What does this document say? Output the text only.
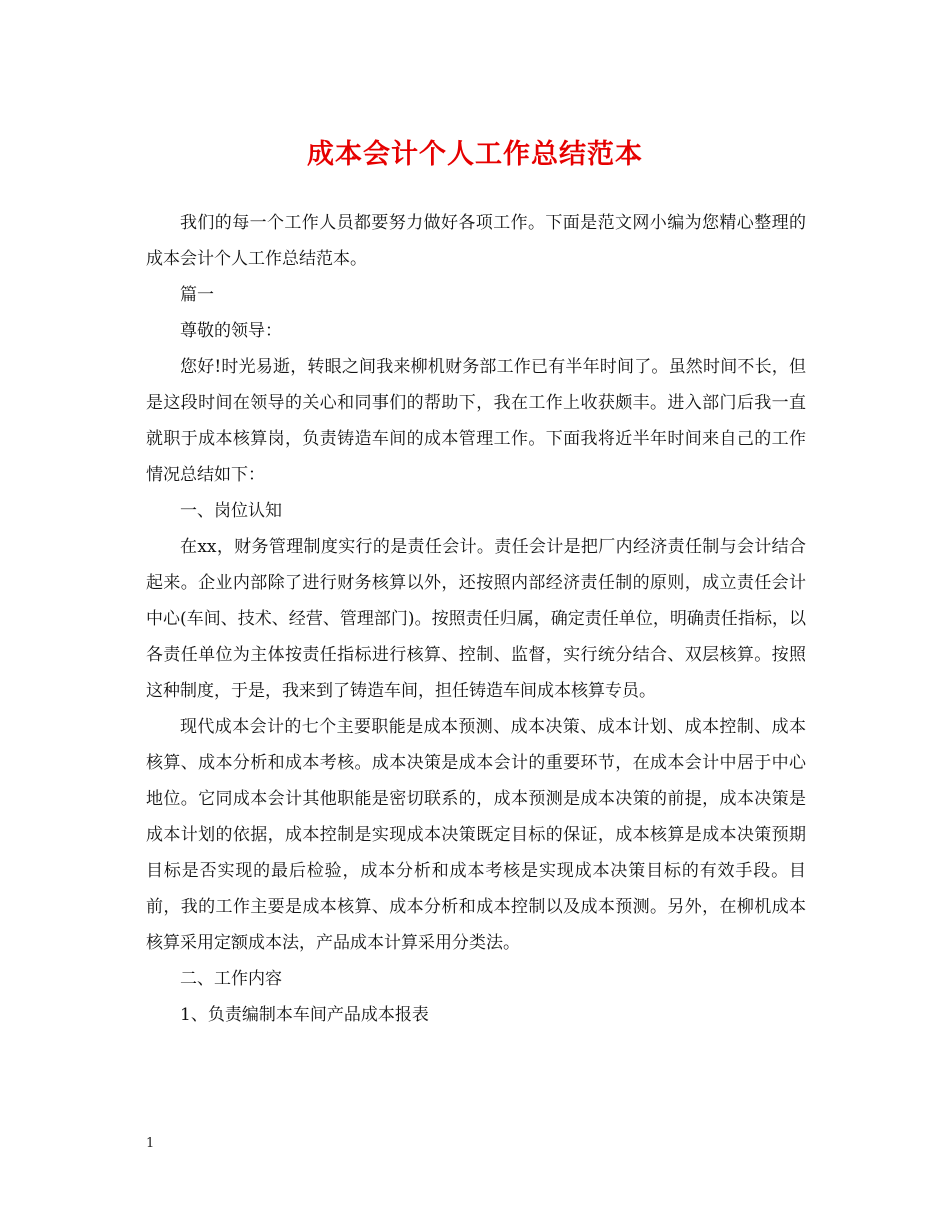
成本会计个人工作总结范本

我们的每一个工作人员都要努力做好各项工作。下面是范文网小编为您精心整理的成本会计个人工作总结范本。

篇一

尊敬的领导：

您好!时光易逝，转眼之间我来柳机财务部工作已有半年时间了。虽然时间不长，但是这段时间在领导的关心和同事们的帮助下，我在工作上收获颇丰。进入部门后我一直就职于成本核算岗，负责铸造车间的成本管理工作。下面我将近半年时间来自己的工作情况总结如下：

一、岗位认知

在xx，财务管理制度实行的是责任会计。责任会计是把厂内经济责任制与会计结合起来。企业内部除了进行财务核算以外，还按照内部经济责任制的原则，成立责任会计中心(车间、技术、经营、管理部门)。按照责任归属，确定责任单位，明确责任指标，以各责任单位为主体按责任指标进行核算、控制、监督，实行统分结合、双层核算。按照这种制度，于是，我来到了铸造车间，担任铸造车间成本核算专员。

现代成本会计的七个主要职能是成本预测、成本决策、成本计划、成本控制、成本核算、成本分析和成本考核。成本决策是成本会计的重要环节，在成本会计中居于中心地位。它同成本会计其他职能是密切联系的，成本预测是成本决策的前提，成本决策是成本计划的依据，成本控制是实现成本决策既定目标的保证，成本核算是成本决策预期目标是否实现的最后检验，成本分析和成本考核是实现成本决策目标的有效手段。目前，我的工作主要是成本核算、成本分析和成本控制以及成本预测。另外，在柳机成本核算采用定额成本法，产品成本计算采用分类法。

二、工作内容

1、负责编制本车间产品成本报表

1
